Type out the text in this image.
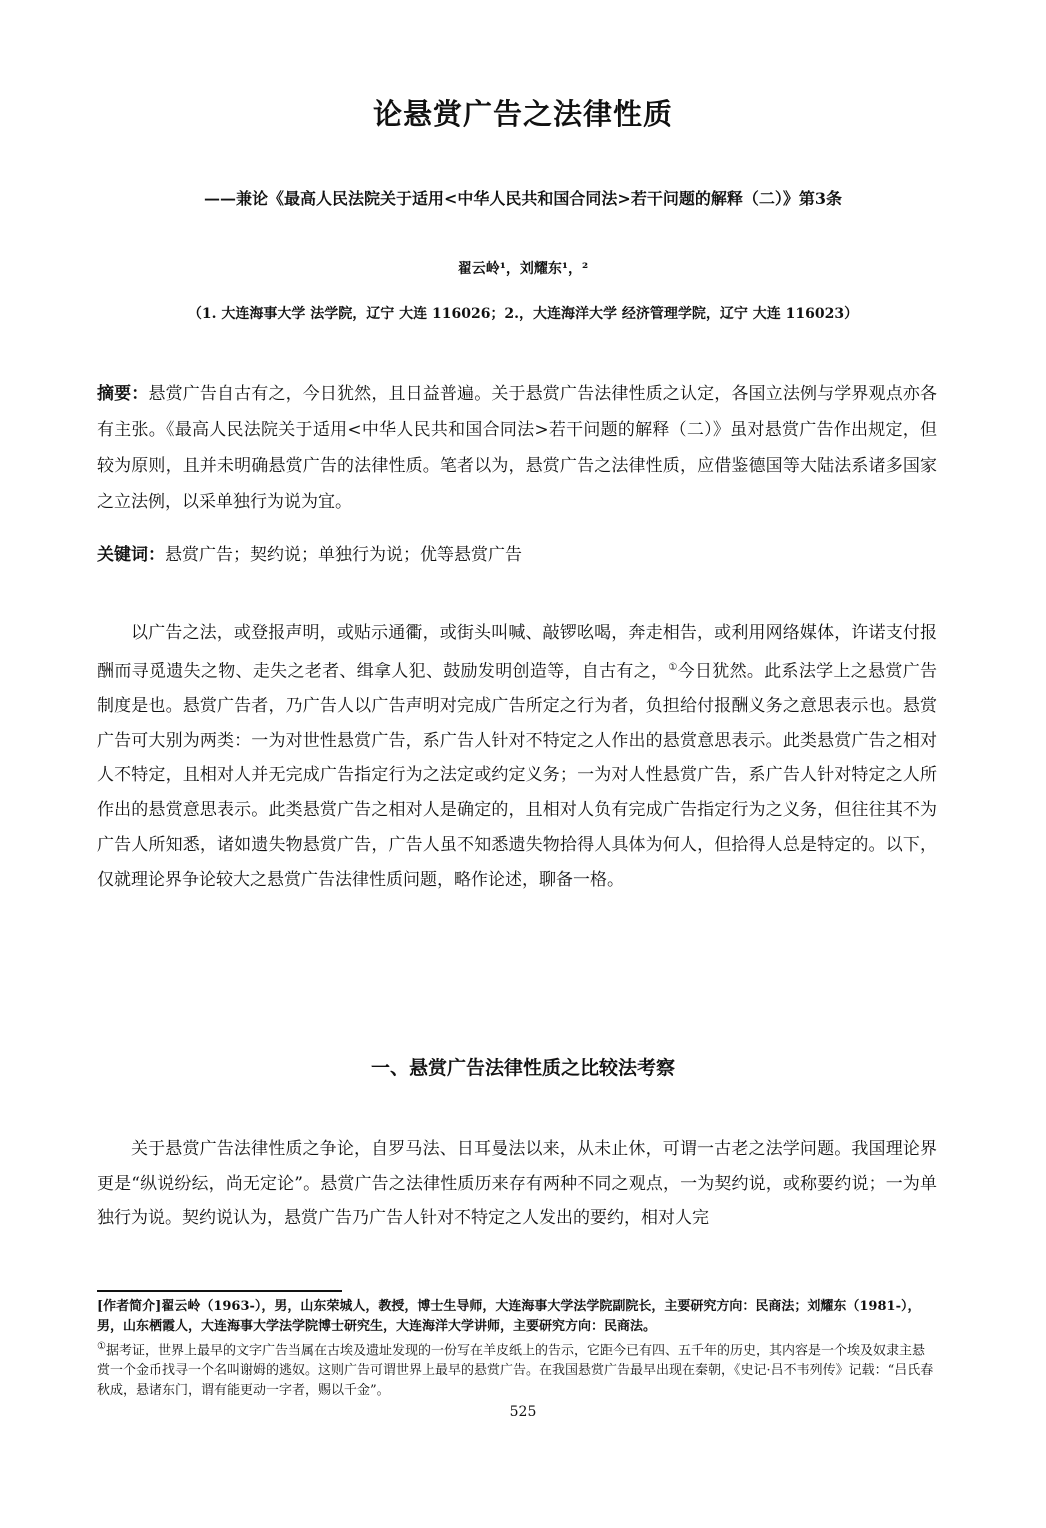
论悬赏广告之法律性质
——兼论《最高人民法院关于适用<中华人民共和国合同法>若干问题的解释（二）》第3条
翟云岭¹，刘耀东¹，²
（1. 大连海事大学 法学院，辽宁 大连 116026；2.，大连海洋大学 经济管理学院，辽宁 大连 116023）

摘要：悬赏广告自古有之，今日犹然，且日益普遍。关于悬赏广告法律性质之认定，各国立法例与学界观点亦各有主张。《最高人民法院关于适用<中华人民共和国合同法>若干问题的解释（二）》虽对悬赏广告作出规定，但较为原则，且并未明确悬赏广告的法律性质。笔者以为，悬赏广告之法律性质，应借鉴德国等大陆法系诸多国家之立法例，以采单独行为说为宜。

关键词：悬赏广告；契约说；单独行为说；优等悬赏广告

以广告之法，或登报声明，或贴示通衢，或街头叫喊、敲锣吆喝，奔走相告，或利用网络媒体，许诺支付报酬而寻觅遗失之物、走失之老者、缉拿人犯、鼓励发明创造等，自古有之，①今日犹然。此系法学上之悬赏广告制度是也。悬赏广告者，乃广告人以广告声明对完成广告所定之行为者，负担给付报酬义务之意思表示也。悬赏广告可大别为两类：一为对世性悬赏广告，系广告人针对不特定之人作出的悬赏意思表示。此类悬赏广告之相对人不特定，且相对人并无完成广告指定行为之法定或约定义务；一为对人性悬赏广告，系广告人针对特定之人所作出的悬赏意思表示。此类悬赏广告之相对人是确定的，且相对人负有完成广告指定行为之义务，但往往其不为广告人所知悉，诸如遗失物悬赏广告，广告人虽不知悉遗失物拾得人具体为何人，但拾得人总是特定的。以下，仅就理论界争论较大之悬赏广告法律性质问题，略作论述，聊备一格。

一、悬赏广告法律性质之比较法考察

关于悬赏广告法律性质之争论，自罗马法、日耳曼法以来，从未止休，可谓一古老之法学问题。我国理论界更是“纵说纷纭，尚无定论”。悬赏广告之法律性质历来存有两种不同之观点，一为契约说，或称要约说；一为单独行为说。契约说认为，悬赏广告乃广告人针对不特定之人发出的要约，相对人完

[作者简介]翟云岭（1963-），男，山东荣城人，教授，博士生导师，大连海事大学法学院副院长，主要研究方向：民商法；刘耀东（1981-），男，山东栖霞人，大连海事大学法学院博士研究生，大连海洋大学讲师，主要研究方向：民商法。

①据考证，世界上最早的文字广告当属在古埃及遗址发现的一份写在羊皮纸上的告示，它距今已有四、五千年的历史，其内容是一个埃及奴隶主悬赏一个金币找寻一个名叫谢姆的逃奴。这则广告可谓世界上最早的悬赏广告。在我国悬赏广告最早出现在秦朝，《史记·吕不韦列传》记载：“吕氏春秋成，悬诸东门，谓有能更动一字者，赐以千金”。

525
